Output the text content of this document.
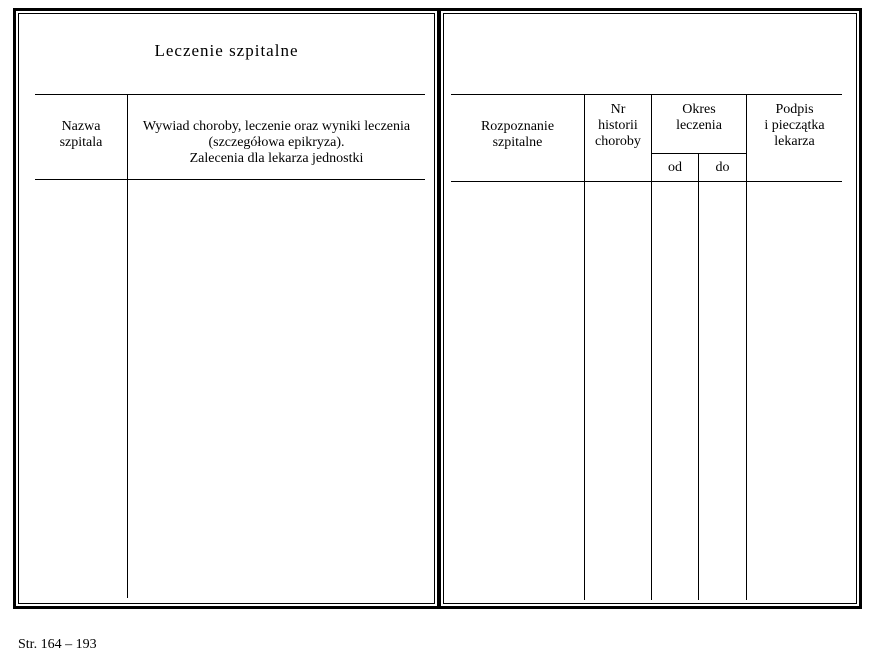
Leczenie szpitalne
Nazwa
szpitala
Wywiad choroby, leczenie oraz wyniki leczenia
(szczegółowa epikryza).
Zalecenia dla lekarza jednostki
Rozpoznanie
szpitalne
Nr
historii
choroby
Okres
leczenia
od	do
Podpis
i pieczątka
lekarza
Str. 164 – 193
